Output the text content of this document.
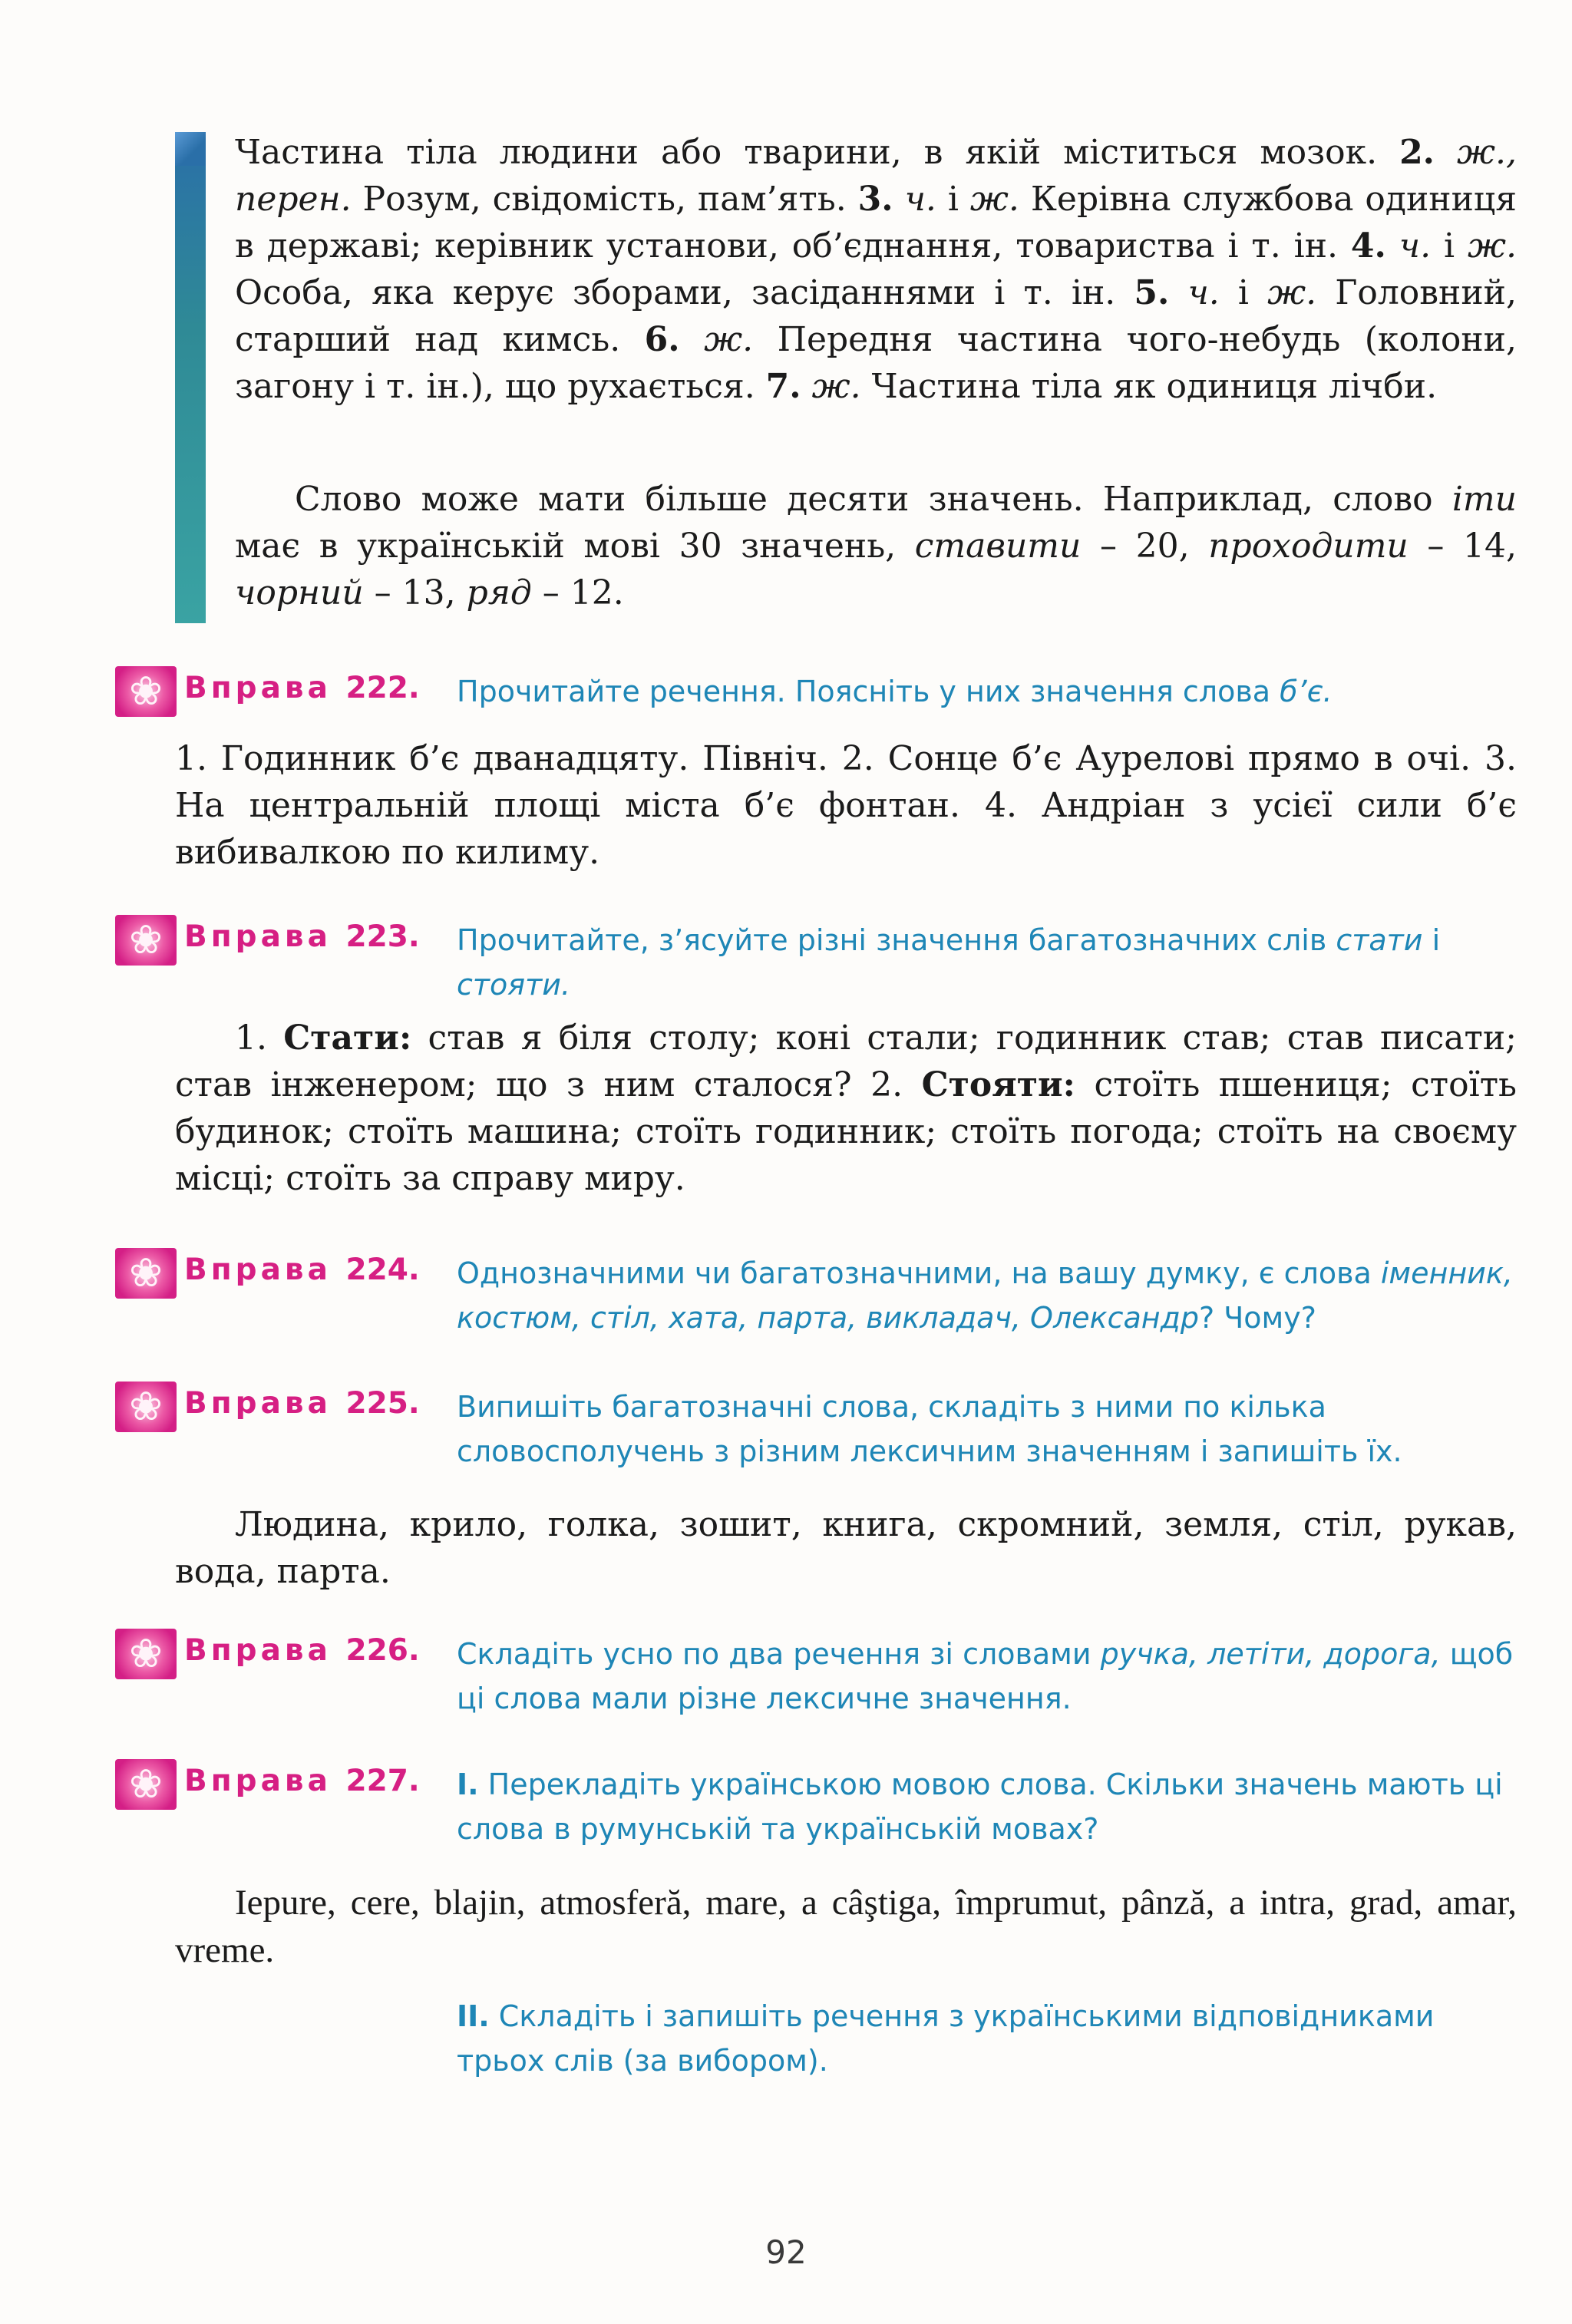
Частина тіла людини або тварини, в якій міститься мозок. 2. ж., перен. Розум, свідомість, пам’ять. 3. ч. і ж. Керівна службова одиниця в державі; керівник установи, об’єднання, товариства і т. ін. 4. ч. і ж. Особа, яка керує зборами, засіданнями і т. ін. 5. ч. і ж. Головний, старший над кимсь. 6. ж. Передня частина чого-небудь (колони, загону і т. ін.), що рухається. 7. ж. Частина тіла як одиниця лічби.

Слово може мати більше десяти значень. Наприклад, слово іти має в українській мові 30 значень, ставити – 20, проходити – 14, чорний – 13, ряд – 12.

❀
Вправа 222. Прочитайте речення. Поясніть у них значення слова б’є.

1. Годинник б’є дванадцяту. Північ. 2. Сонце б’є Аурелові прямо в очі. 3. На центральній площі міста б’є фонтан. 4. Андріан з усієї сили б’є вибивалкою по килиму.

❀
Вправа 223. Прочитайте, з’ясуйте різні значення багатозначних слів стати і стояти.

1. Стати: став я біля столу; коні стали; годинник став; став писати; став інженером; що з ним сталося? 2. Стояти: стоїть пшениця; стоїть будинок; стоїть машина; стоїть годинник; стоїть погода; стоїть на своєму місці; стоїть за справу миру.

❀
Вправа 224. Однозначними чи багатозначними, на вашу думку, є слова іменник, костюм, стіл, хата, парта, викладач, Олександр? Чому?
❀
Вправа 225. Випишіть багатозначні слова, складіть з ними по кілька словосполучень з різним лексичним значенням і запишіть їх.

Людина, крило, голка, зошит, книга, скромний, земля, стіл, рукав, вода, парта.

❀
Вправа 226. Складіть усно по два речення зі словами ручка, летіти, дорога, щоб ці слова мали різне лексичне значення.
❀
Вправа 227. I. Перекладіть українською мовою слова. Скільки значень мають ці слова в румунській та українській мовах?

Iepure, cere, blajin, atmosferă, mare, a câştiga, împrumut, pânză, a intra, grad, amar, vreme.

II. Складіть і запишіть речення з українськими відповідниками трьох слів (за вибором).
92
